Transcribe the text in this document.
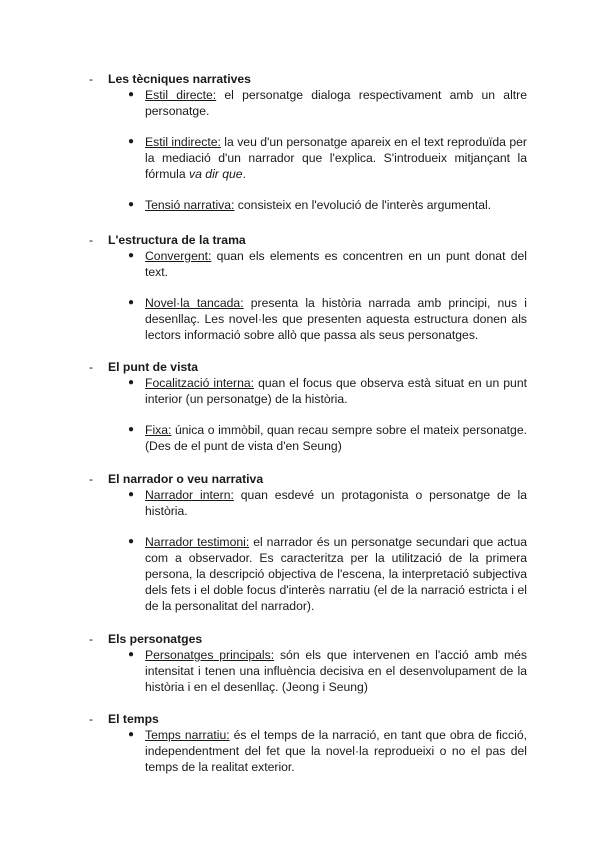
- Les tècniques narratives
● Estil directe: el personatge dialoga respectivament amb un altre personatge.
● Estil indirecte: la veu d'un personatge apareix en el text reproduïda per la mediació d'un narrador que l'explica. S'introdueix mitjançant la fórmula va dir que.
● Tensió narrativa: consisteix en l'evolució de l'interès argumental.
- L'estructura de la trama
● Convergent: quan els elements es concentren en un punt donat del text.
● Novel·la tancada: presenta la història narrada amb principi, nus i desenllaç. Les novel·les que presenten aquesta estructura donen als lectors informació sobre allò que passa als seus personatges.
- El punt de vista
● Focalització interna: quan el focus que observa està situat en un punt interior (un personatge) de la història.
● Fixa: única o immòbil, quan recau sempre sobre el mateix personatge. (Des de el punt de vista d'en Seung)
- El narrador o veu narrativa
● Narrador intern: quan esdevé un protagonista o personatge de la història.
● Narrador testimoni: el narrador és un personatge secundari que actua com a observador. Es caracteritza per la utilització de la primera persona, la descripció objectiva de l'escena, la interpretació subjectiva dels fets i el doble focus d'interès narratiu (el de la narració estricta i el de la personalitat del narrador).
- Els personatges
● Personatges principals: són els que intervenen en l'acció amb més intensitat i tenen una influència decisiva en el desenvolupament de la història i en el desenllaç. (Jeong i Seung)
- El temps
● Temps narratiu: és el temps de la narració, en tant que obra de ficció, independentment del fet que la novel·la reprodueixi o no el pas del temps de la realitat exterior.
